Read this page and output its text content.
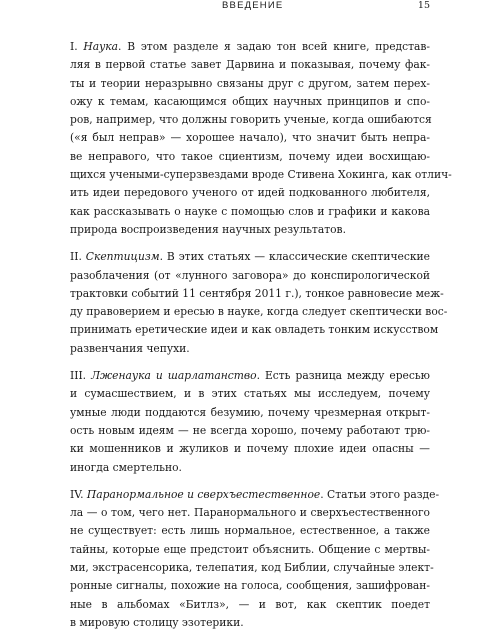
ВВЕДЕНИЕ	15

I. Наука. В этом разделе я задаю тон всей книге, представ-
ляя в первой статье завет Дарвина и показывая, почему фак-
ты и теории неразрывно связаны друг с другом, затем перех-
ожу к темам, касающимся общих научных принципов и спо-
ров, например, что должны говорить ученые, когда ошибаются
(«я был неправ» — хорошее начало), что значит быть непра-
ве неправого, что такое сциентизм, почему идеи восхищаю-
щихся учеными-суперзвездами вроде Стивена Хокинга, как отлич-
ить идеи передового ученого от идей подкованного любителя,
как рассказывать о науке с помощью слов и графики и какова
природа воспроизведения научных результатов.

II. Скептицизм. В этих статьях — классические скептические
разоблачения (от «лунного заговора» до конспирологической
трактовки событий 11 сентября 2011 г.), тонкое равновесие меж-
ду правоверием и ересью в науке, когда следует скептически вос-
принимать еретические идеи и как овладеть тонким искусством
развенчания чепухи.

III. Лженаука и шарлатанство. Есть разница между ересью
и сумасшествием, и в этих статьях мы исследуем, почему
умные люди поддаются безумию, почему чрезмерная открыт-
ость новым идеям — не всегда хорошо, почему работают трю-
ки мошенников и жуликов и почему плохие идеи опасны —
иногда смертельно.

IV. Паранормальное и сверхъестественное. Статьи этого разде-
ла — о том, чего нет. Паранормального и сверхъестественного
не существует: есть лишь нормальное, естественное, а также
тайны, которые еще предстоит объяснить. Общение с мертвы-
ми, экстрасенсорика, телепатия, код Библии, случайные элект-
ронные сигналы, похожие на голоса, сообщения, зашифрован-
ные в альбомах «Битлз», — и вот, как скептик поедет
в мировую столицу эзотерики.
